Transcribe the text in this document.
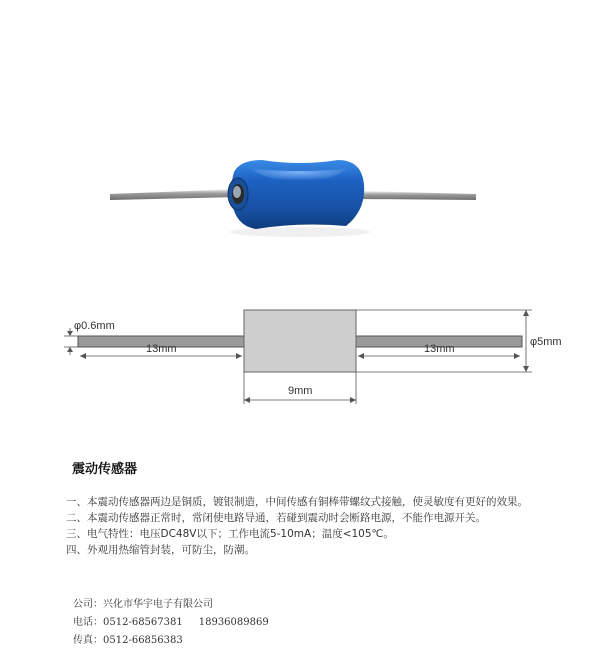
φ0.6mm
13mm	13mm
φ5mm
9mm
震动传感器

一、 本震动传感器两边是铜质，镀银制造，中间传感有铜棒带螺纹式接触，使灵敏度有更好的效果。

二、 本震动传感器正常时，常闭使电路导通，若碰到震动时会断路电源，不能作电源开关。

三、 电气特性：电压DC48V以下；工作电流5-10mA；温度<105℃。

四、 外观用热缩管封装，可防尘，防潮。

公司：兴化市华宇电子有限公司
电话：0512-68567381 18936089869
传真：0512-66856383
